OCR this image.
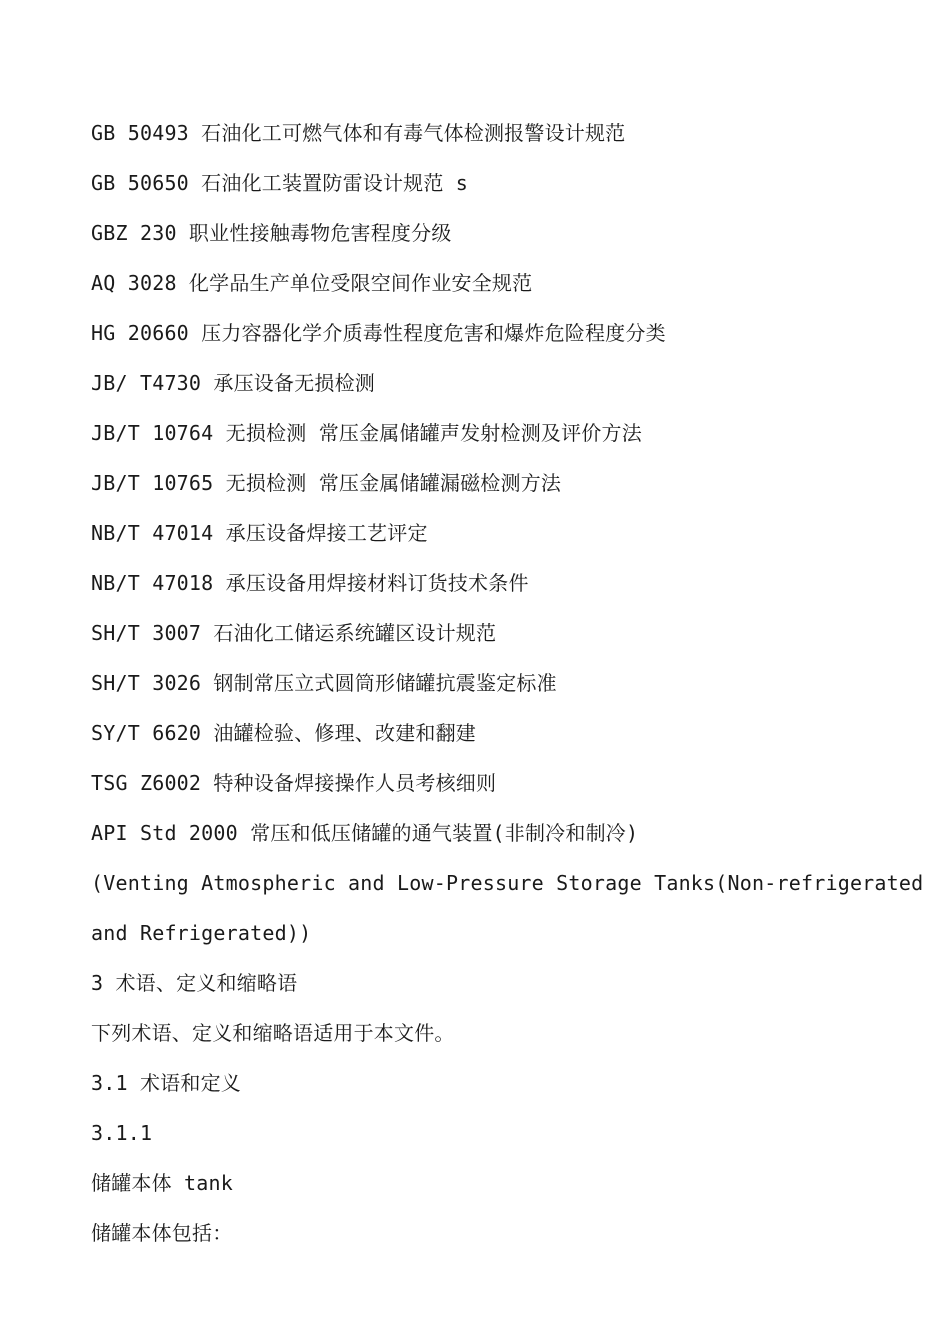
GB 50493 石油化工可燃气体和有毒气体检测报警设计规范
GB 50650 石油化工装置防雷设计规范 s
GBZ 230 职业性接触毒物危害程度分级
AQ 3028 化学品生产单位受限空间作业安全规范
HG 20660 压力容器化学介质毒性程度危害和爆炸危险程度分类
JB/ T4730 承压设备无损检测
JB/T 10764 无损检测 常压金属储罐声发射检测及评价方法
JB/T 10765 无损检测 常压金属储罐漏磁检测方法
NB/T 47014 承压设备焊接工艺评定
NB/T 47018 承压设备用焊接材料订货技术条件
SH/T 3007 石油化工储运系统罐区设计规范
SH/T 3026 钢制常压立式圆筒形储罐抗震鉴定标准
SY/T 6620 油罐检验、修理、改建和翻建
TSG Z6002 特种设备焊接操作人员考核细则
API Std 2000 常压和低压储罐的通气装置(非制冷和制冷)
(Venting Atmospheric and Low-Pressure Storage Tanks(Non-refrigerated
and Refrigerated))
3 术语、定义和缩略语
下列术语、定义和缩略语适用于本文件。
3.1 术语和定义
3.1.1
储罐本体 tank
储罐本体包括：
